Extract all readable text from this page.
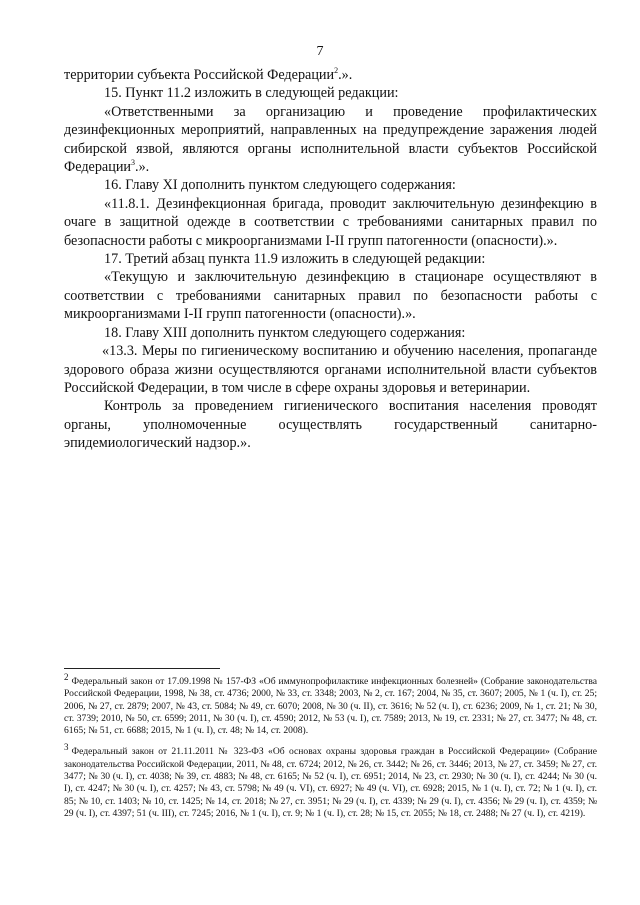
7

территории субъекта Российской Федерации$^2$.».

15. Пункт 11.2 изложить в следующей редакции:

«Ответственными за организацию и проведение профилактических дезинфекционных мероприятий, направленных на предупреждение заражения людей сибирской язвой, являются органы исполнительной власти субъектов Российской Федерации$^3$.».

16. Главу XI дополнить пунктом следующего содержания:

«11.8.1. Дезинфекционная бригада, проводит заключительную дезинфекцию в очаге в защитной одежде в соответствии с требованиями санитарных правил по безопасности работы с микроорганизмами I-II групп патогенности (опасности).».

17. Третий абзац пункта 11.9 изложить в следующей редакции:

«Текущую и заключительную дезинфекцию в стационаре осуществляют в соответствии с требованиями санитарных правил по безопасности работы с микроорганизмами I-II групп патогенности (опасности).».

18. Главу XIII дополнить пунктом следующего содержания:

«13.3. Меры по гигиеническому воспитанию и обучению населения, пропаганде здорового образа жизни осуществляются органами исполнительной власти субъектов Российской Федерации, в том числе в сфере охраны здоровья и ветеринарии.

Контроль за проведением гигиенического воспитания населения проводят органы, уполномоченные осуществлять государственный санитарно-эпидемиологический надзор.».

2 Федеральный закон от 17.09.1998 № 157-ФЗ «Об иммунопрофилактике инфекционных болезней» (Собрание законодательства Российской Федерации, 1998, № 38, ст. 4736; 2000, № 33, ст. 3348; 2003, № 2, ст. 167; 2004, № 35, ст. 3607; 2005, № 1 (ч. I), ст. 25; 2006, № 27, ст. 2879; 2007, № 43, ст. 5084; № 49, ст. 6070; 2008, № 30 (ч. II), ст. 3616; № 52 (ч. I), ст. 6236; 2009, № 1, ст. 21; № 30, ст. 3739; 2010, № 50, ст. 6599; 2011, № 30 (ч. I), ст. 4590; 2012, № 53 (ч. I), ст. 7589; 2013, № 19, ст. 2331; № 27, ст. 3477; № 48, ст. 6165; № 51, ст. 6688; 2015, № 1 (ч. I), ст. 48; № 14, ст. 2008).

3 Федеральный закон от 21.11.2011 № 323-ФЗ «Об основах охраны здоровья граждан в Российской Федерации» (Собрание законодательства Российской Федерации, 2011, № 48, ст. 6724; 2012, № 26, ст. 3442; № 26, ст. 3446; 2013, № 27, ст. 3459; № 27, ст. 3477; № 30 (ч. I), ст. 4038; № 39, ст. 4883; № 48, ст. 6165; № 52 (ч. I), ст. 6951; 2014, № 23, ст. 2930; № 30 (ч. I), ст. 4244; № 30 (ч. I), ст. 4247; № 30 (ч. I), ст. 4257; № 43, ст. 5798; № 49 (ч. VI), ст. 6927; № 49 (ч. VI), ст. 6928; 2015, № 1 (ч. I), ст. 72; № 1 (ч. I), ст. 85; № 10, ст. 1403; № 10, ст. 1425; № 14, ст. 2018; № 27, ст. 3951; № 29 (ч. I), ст. 4339; № 29 (ч. I), ст. 4356; № 29 (ч. I), ст. 4359; № 29 (ч. I), ст. 4397; 51 (ч. III), ст. 7245; 2016, № 1 (ч. I), ст. 9; № 1 (ч. I), ст. 28; № 15, ст. 2055; № 18, ст. 2488; № 27 (ч. I), ст. 4219).
